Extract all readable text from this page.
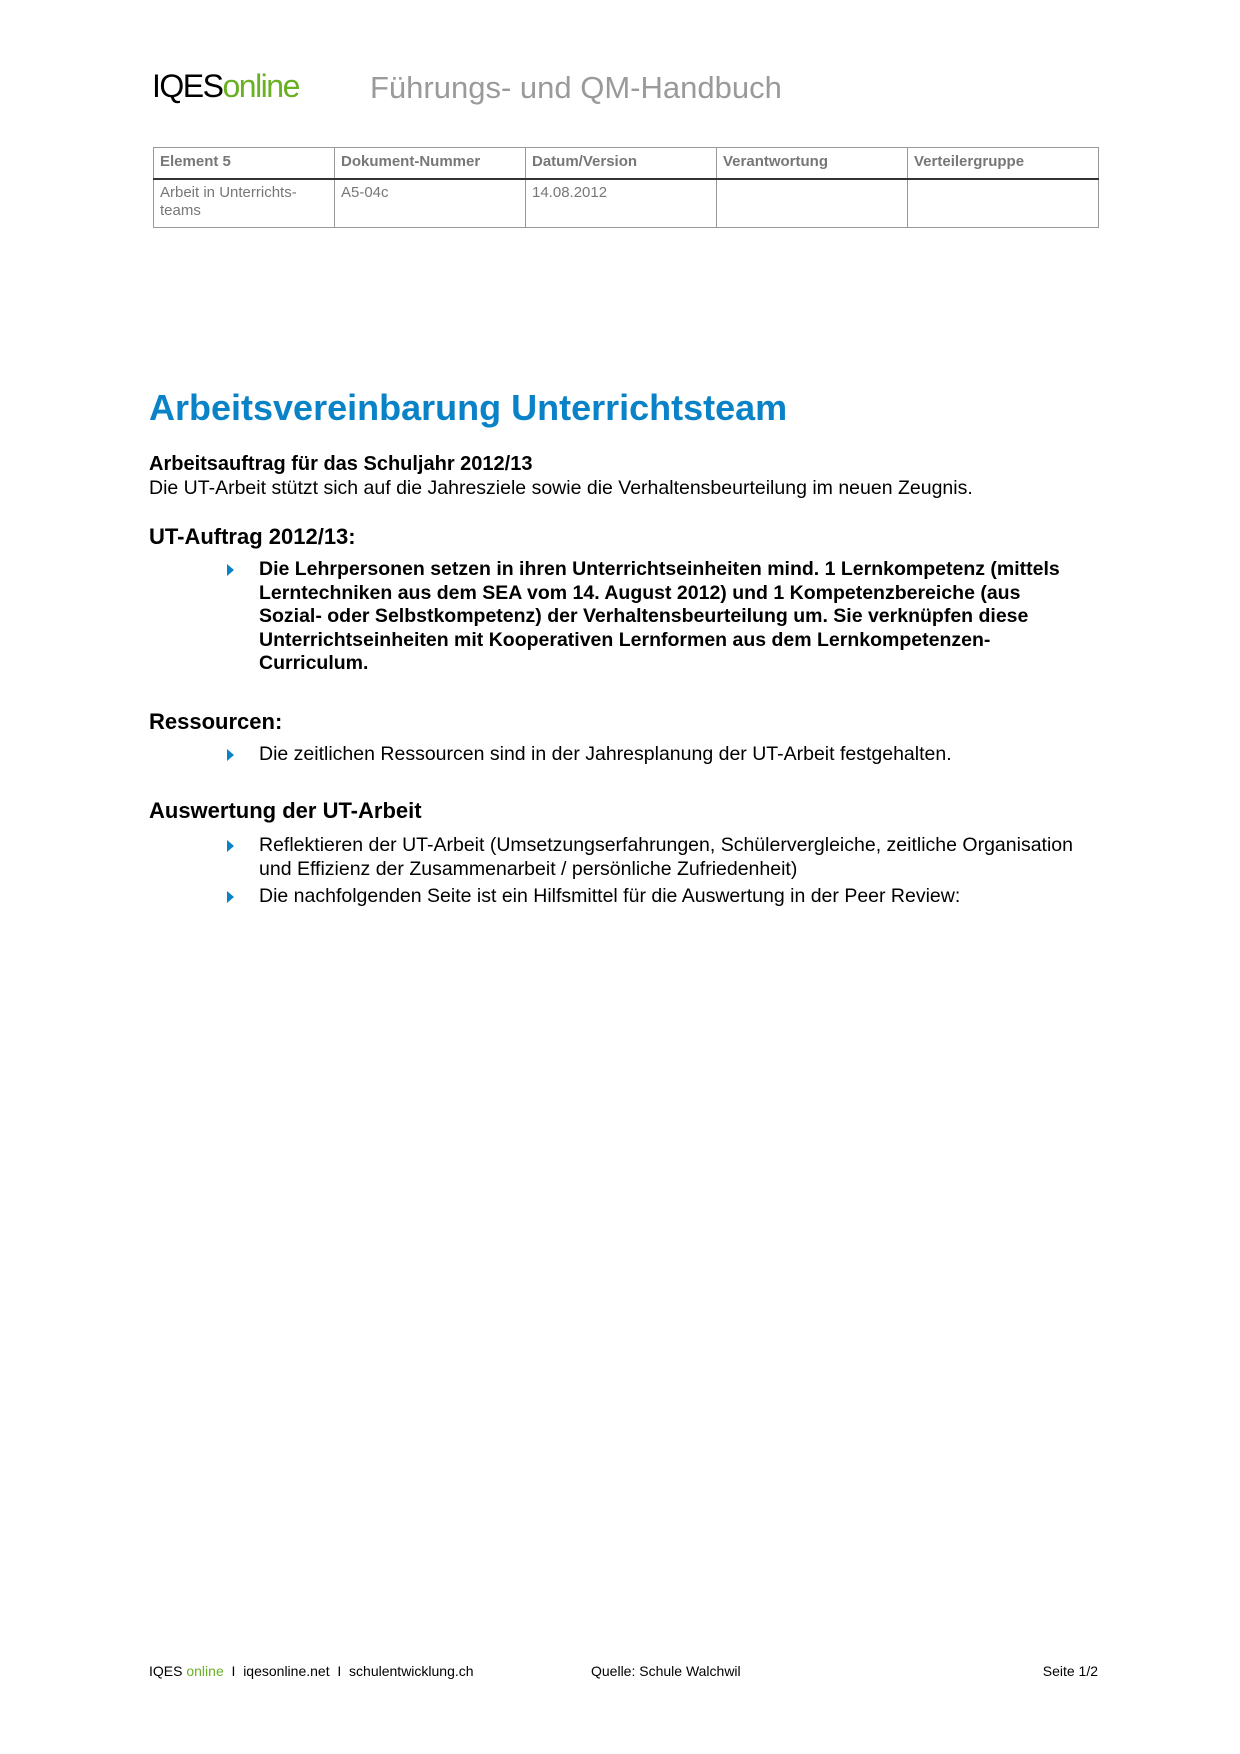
IQESonline Führungs- und QM-Handbuch
Element 5	Dokument-Nummer	Datum/Version	Verantwortung	Verteilergruppe
Arbeit in Unterrichts-teams	A5-04c	14.08.2012		
Arbeitsvereinbarung Unterrichtsteam
Arbeitsauftrag für das Schuljahr 2012/13
Die UT-Arbeit stützt sich auf die Jahresziele sowie die Verhaltensbeurteilung im neuen Zeugnis.
UT-Auftrag 2012/13:
Die Lehrpersonen setzen in ihren Unterrichtseinheiten mind. 1 Lernkompetenz (mittels Lerntechniken aus dem SEA vom 14. August 2012) und 1 Kompetenzbereiche (aus Sozial- oder Selbstkompetenz) der Verhaltensbeurteilung um. Sie verknüpfen diese Unterrichtseinheiten mit Kooperativen Lernformen aus dem Lernkompetenzen-Curriculum.
Ressourcen:
Die zeitlichen Ressourcen sind in der Jahresplanung der UT-Arbeit festgehalten.
Auswertung der UT-Arbeit
Reflektieren der UT-Arbeit (Umsetzungserfahrungen, Schülervergleiche, zeitliche Organisation und Effizienz der Zusammenarbeit / persönliche Zufriedenheit)
Die nachfolgenden Seite ist ein Hilfsmittel für die Auswertung in der Peer Review:
IQES online I iqesonline.net I schulentwicklung.ch	Quelle: Schule Walchwil	Seite 1/2
